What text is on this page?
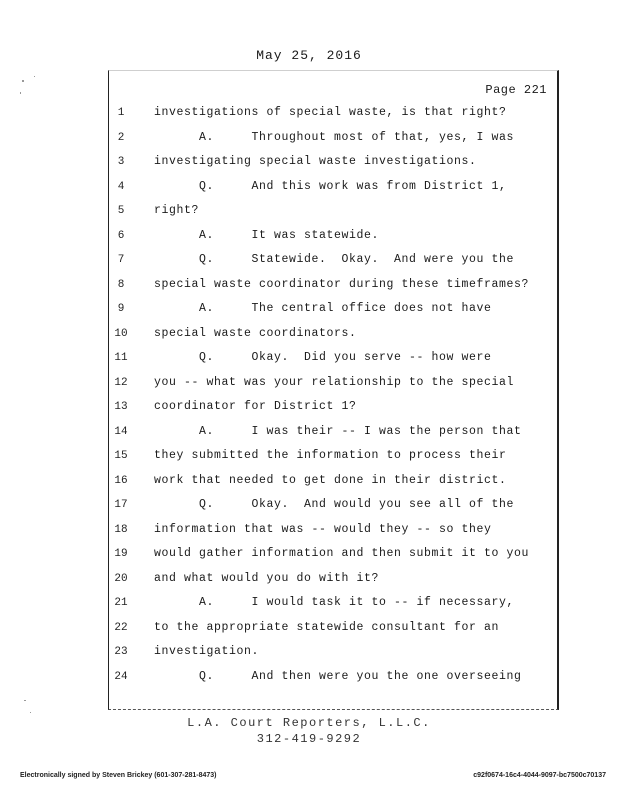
May 25, 2016
Page 221
1	investigations of special waste, is that right?
2	A.     Throughout most of that, yes, I was
3	investigating special waste investigations.
4	Q.     And this work was from District 1,
5	right?
6	A.     It was statewide.
7	Q.     Statewide.  Okay.  And were you the
8	special waste coordinator during these timeframes?
9	A.     The central office does not have
10	special waste coordinators.
11	Q.     Okay.  Did you serve -- how were
12	you -- what was your relationship to the special
13	coordinator for District 1?
14	A.     I was their -- I was the person that
15	they submitted the information to process their
16	work that needed to get done in their district.
17	Q.     Okay.  And would you see all of the
18	information that was -- would they -- so they
19	would gather information and then submit it to you
20	and what would you do with it?
21	A.     I would task it to -- if necessary,
22	to the appropriate statewide consultant for an
23	investigation.
24	Q.     And then were you the one overseeing
L.A. Court Reporters, L.L.C.
312-419-9292
Electronically signed by Steven Brickey (601-307-281-8473)	c92f0674-16c4-4044-9097-bc7500c70137
